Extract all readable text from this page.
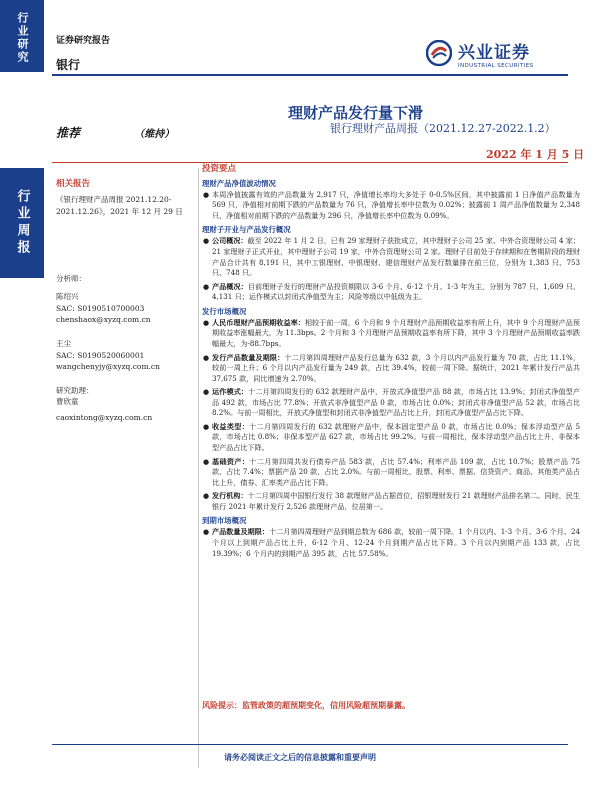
行业研究
行业周报
证券研究报告
银行
兴业证券
INDUSTRIAL SECURITIES
理财产品发行量下滑
银行理财产品周报（2021.12.27-2022.1.2）
推荐	（维持）
2022 年 1 月 5 日
相关报告
《银行理财产品周报 2021.12.20-2021.12.26》，2021 年 12 月 29 日
分析师：
陈绍兴
SAC: S0190510700003
chenshaox@xyzq.com.cn
王尘
SAC: S0190520060001
wangchenyjy@xyzq.com.cn
研究助理：
曹欣童
caoxintong@xyzq.com.cn
投资要点
理财产品净值波动情况
● 本周净值披露有效的产品数量为 2,917 只，净值增长率均大多处于 0-0.5%区间，其中披露前 1 日净值产品数量为 569 只，净值相对前期下跌的产品数量为 76 只，净值增长率中位数为 0.02%；披露前 1 周产品净值数量为 2,348 只，净值相对前期下跌的产品数量为 296 只，净值增长率中位数为 0.09%。
理财子开业与产品发行概况
● 公司概况：截至 2022 年 1 月 2 日，已有 29 家理财子获批成立，其中理财子公司 25 家、中外合资理财公司 4 家；21 家理财子正式开业，其中理财子公司 19 家，中外合资理财公司 2 家。理财子目前处于存续期和在售期阶段的理财产品合计共有 8,191 只，其中工银理财、中银理财、建信理财产品发行数量排在前三位，分别为 1,383 只、753 只、748 只。
● 产品概况：目前理财子发行的理财产品投资期限以 3-6 个月、6-12 个月、1-3 年为主，分别为 787 只、1,609 只、4,131 只；运作模式以封闭式净值型为主；风险等级以中低级为主。
发行市场概况
● 人民币理财产品预期收益率：相较于前一周，6 个月和 9 个月理财产品预期收益率有所上升，其中 9 个月理财产品预期收益率涨幅最大，为 11.3bps。2 个月和 3 个月理财产品预期收益率有所下降，其中 3 个月理财产品预期收益率跌幅最大，为-88.7bps。
● 发行产品数量及期限：十二月第四周理财产品发行总量为 632 款，3 个月以内产品发行量为 70 款，占比 11.1%，较前一周上升；6 个月以内产品发行量为 249 款，占比 39.4%，较前一周下降。据统计，2021 年累计发行产品共 37,675 款，同比增速为 2.70%。
● 运作模式：十二月第四周发行的 632 款理财产品中，开放式净值型产品 88 款，市场占比 13.9%；封闭式净值型产品 492 款，市场占比 77.8%；开放式非净值型产品 0 款，市场占比 0.0%；封闭式非净值型产品 52 款，市场占比 8.2%。与前一周相比，开放式净值型和封闭式非净值型产品占比上升，封闭式净值型产品占比下降。
● 收益类型：十二月第四周发行的 632 款理财产品中，保本固定型产品 0 款，市场占比 0.0%；保本浮动型产品 5 款，市场占比 0.8%；非保本型产品 627 款，市场占比 99.2%。与前一周相比，保本浮动型产品占比上升，非保本型产品占比下降。
● 基础资产：十二月第四周共发行债券产品 583 款，占比 57.4%；利率产品 109 款，占比 10.7%；股票产品 75 款，占比 7.4%；票据产品 20 款，占比 2.0%。与前一周相比，股票、利率、票据、信贷资产、商品、其他类产品占比上升，债券、汇率类产品占比下降。
● 发行机构：十二月第四周中国银行发行 38 款理财产品占据首位，招银理财发行 21 款理财产品排名第二。同时，民生银行 2021 年累计发行 2,526 款理财产品，位居第一。
到期市场概况
● 产品数量及期限：十二月第四周理财产品到期总数为 686 款，较前一周下降。1 个月以内、1-3 个月、3-6 个月、24 个月以上到期产品占比上升，6-12 个月、12-24 个月到期产品占比下降。3 个月以内到期产品 133 款，占比 19.39%；6 个月内的到期产品 395 款，占比 57.58%。
风险提示：监管政策的超预期变化，信用风险超预期暴露。
请务必阅读正文之后的信息披露和重要声明
